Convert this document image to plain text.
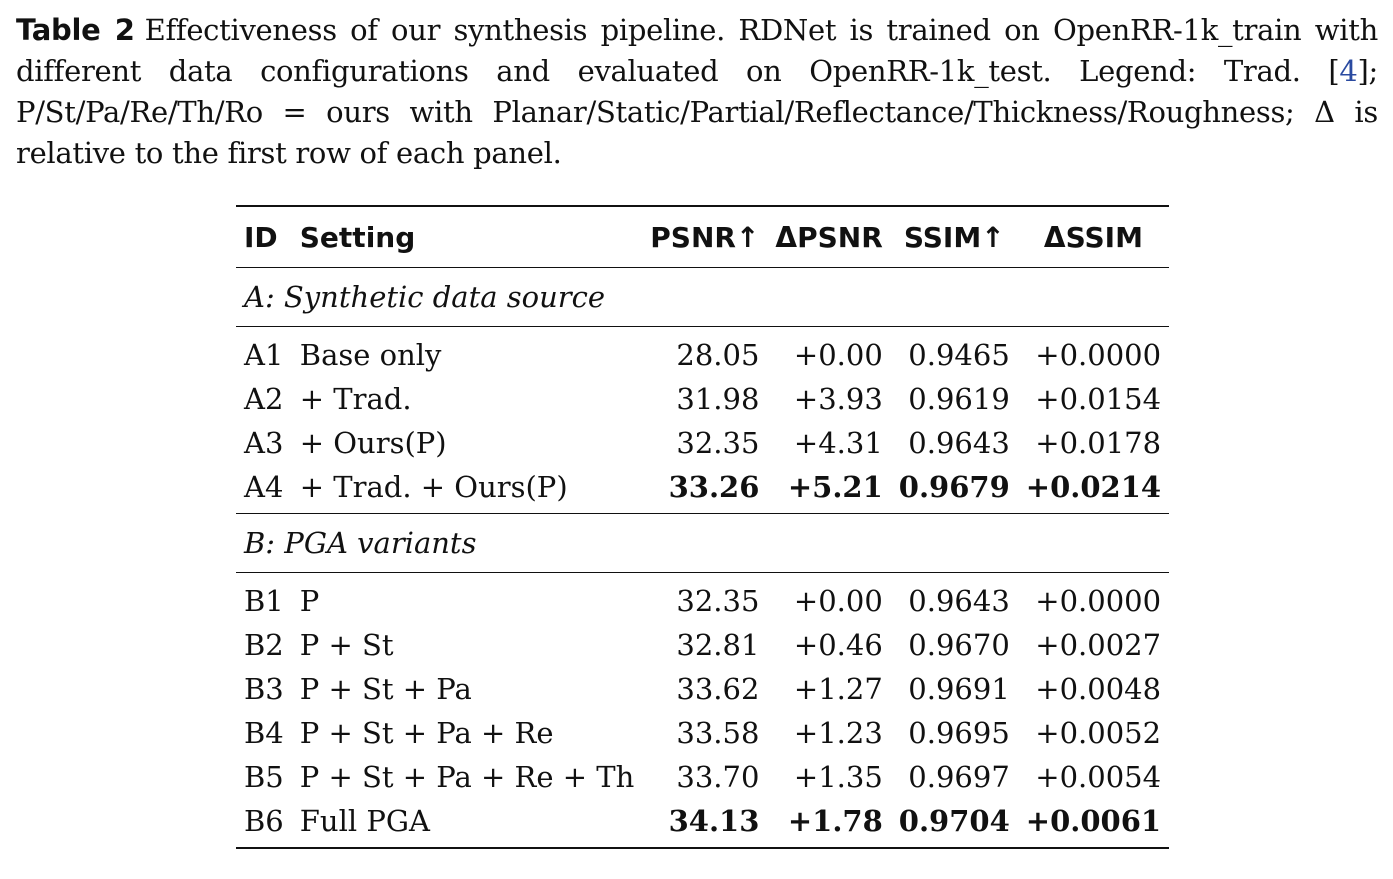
Table 2 Effectiveness of our synthesis pipeline. RDNet is trained on OpenRR-1k_train with different data configurations and evaluated on OpenRR-1k_test. Legend: Trad. [4]; P/St/Pa/Re/Th/Ro = ours with Planar/Static/Partial/Reflectance/Thickness/Roughness; Δ is relative to the first row of each panel.
ID	Setting	PSNR↑	ΔPSNR	SSIM↑	ΔSSIM
A: Synthetic data source					
A1	Base only	28.05	+0.00	0.9465	+0.0000
A2	+ Trad.	31.98	+3.93	0.9619	+0.0154
A3	+ Ours(P)	32.35	+4.31	0.9643	+0.0178
A4	+ Trad. + Ours(P)	33.26	+5.21	0.9679	+0.0214
B: PGA variants					
B1	P	32.35	+0.00	0.9643	+0.0000
B2	P + St	32.81	+0.46	0.9670	+0.0027
B3	P + St + Pa	33.62	+1.27	0.9691	+0.0048
B4	P + St + Pa + Re	33.58	+1.23	0.9695	+0.0052
B5	P + St + Pa + Re + Th	33.70	+1.35	0.9697	+0.0054
B6	Full PGA	34.13	+1.78	0.9704	+0.0061
